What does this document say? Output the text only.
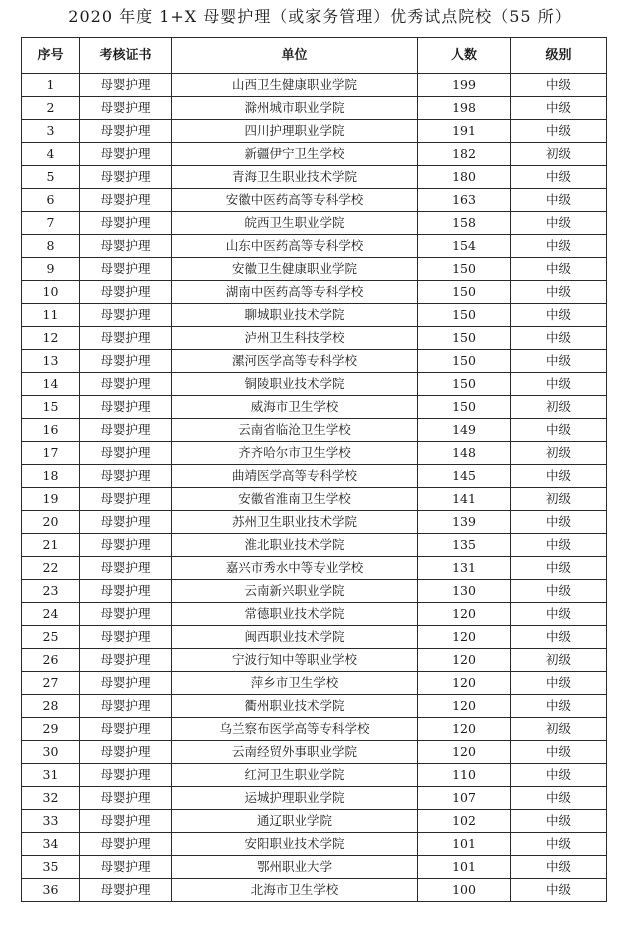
2020 年度 1+X 母婴护理（或家务管理）优秀试点院校（55 所）
序号	考核证书	单位	人数	级别
1	母婴护理	山西卫生健康职业学院	199	中级
2	母婴护理	滁州城市职业学院	198	中级
3	母婴护理	四川护理职业学院	191	中级
4	母婴护理	新疆伊宁卫生学校	182	初级
5	母婴护理	青海卫生职业技术学院	180	中级
6	母婴护理	安徽中医药高等专科学校	163	中级
7	母婴护理	皖西卫生职业学院	158	中级
8	母婴护理	山东中医药高等专科学校	154	中级
9	母婴护理	安徽卫生健康职业学院	150	中级
10	母婴护理	湖南中医药高等专科学校	150	中级
11	母婴护理	聊城职业技术学院	150	中级
12	母婴护理	泸州卫生科技学校	150	中级
13	母婴护理	漯河医学高等专科学校	150	中级
14	母婴护理	铜陵职业技术学院	150	中级
15	母婴护理	威海市卫生学校	150	初级
16	母婴护理	云南省临沧卫生学校	149	中级
17	母婴护理	齐齐哈尔市卫生学校	148	初级
18	母婴护理	曲靖医学高等专科学校	145	中级
19	母婴护理	安徽省淮南卫生学校	141	初级
20	母婴护理	苏州卫生职业技术学院	139	中级
21	母婴护理	淮北职业技术学院	135	中级
22	母婴护理	嘉兴市秀水中等专业学校	131	中级
23	母婴护理	云南新兴职业学院	130	中级
24	母婴护理	常德职业技术学院	120	中级
25	母婴护理	闽西职业技术学院	120	中级
26	母婴护理	宁波行知中等职业学校	120	初级
27	母婴护理	萍乡市卫生学校	120	中级
28	母婴护理	衢州职业技术学院	120	中级
29	母婴护理	乌兰察布医学高等专科学校	120	初级
30	母婴护理	云南经贸外事职业学院	120	中级
31	母婴护理	红河卫生职业学院	110	中级
32	母婴护理	运城护理职业学院	107	中级
33	母婴护理	通辽职业学院	102	中级
34	母婴护理	安阳职业技术学院	101	中级
35	母婴护理	鄂州职业大学	101	中级
36	母婴护理	北海市卫生学校	100	中级
